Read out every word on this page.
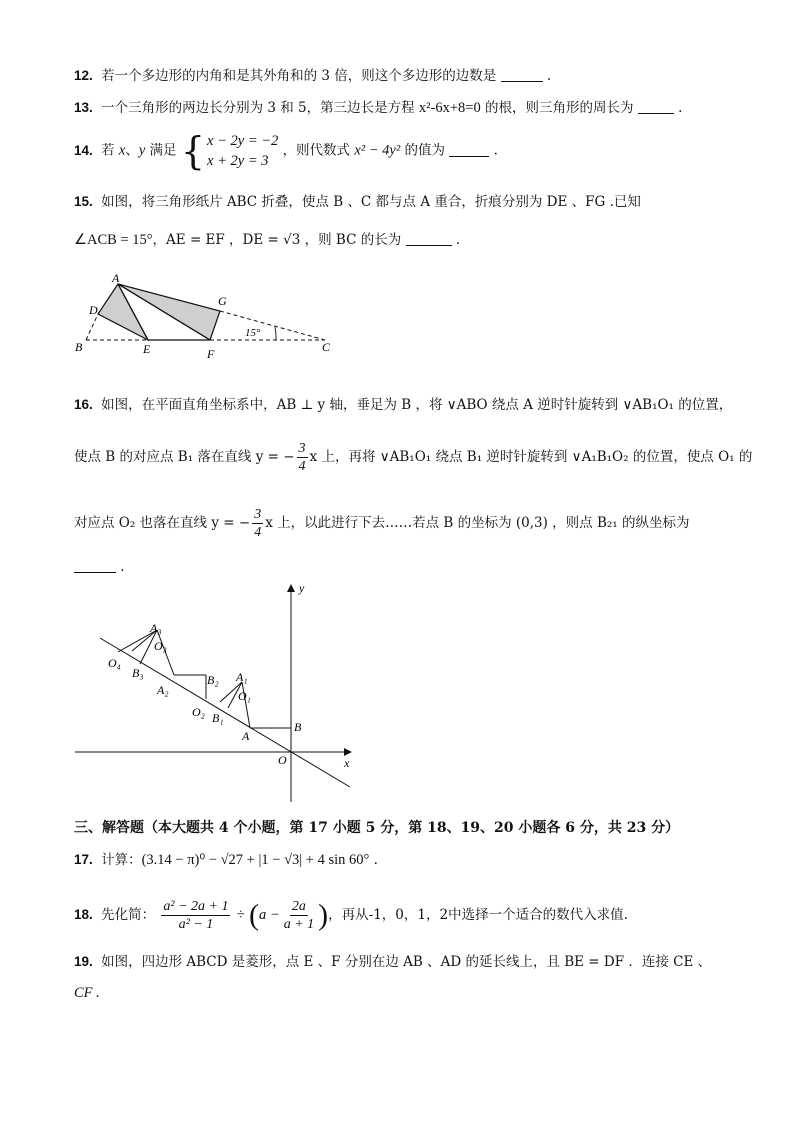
12. 若一个多边形的内角和是其外角和的 3 倍，则这个多边形的边数是	.
13. 一个三角形的两边长分别为 3 和 5，第三边长是方程 x²-6x+8=0 的根，则三角形的周长为	.
14. 若 x、y 满足 { x − 2y = −2
x + 2y = 3
，则代数式 x² − 4y² 的值为	.
15. 如图，将三角形纸片 ABC 折叠，使点 B 、C 都与点 A 重合，折痕分别为 DE 、FG .已知
∠ACB = 15°，AE = EF ，DE = √3 ，则 BC 的长为	.
A
B	C
D
E	F
G
15°
16. 如图，在平面直角坐标系中，AB ⊥ y 轴，垂足为 B ，将 ∨ABO 绕点 A 逆时针旋转到 ∨AB₁O₁ 的位置，
使点 B 的对应点 B₁ 落在直线 y = − $\frac{3}{4}$ x 上，再将 ∨AB₁O₁ 绕点 B₁ 逆时针旋转到 ∨A₁B₁O₂ 的位置，使点 O₁ 的
对应点 O₂ 也落在直线 y = − $\frac{3}{4}$ x 上，以此进行下去……若点 B 的坐标为 (0,3) ，则点 B₂₁ 的纵坐标为
.
y
x
O
B
A
A₁
O₁
B₁
B₂
O₂
A₂
A₃
O₃
B₃
O₄
三、解答题（本大题共 4 个小题，第 17 小题 5 分，第 18、19、20 小题各 6 分，共 23 分）
17. 计算：(3.14 − π)⁰ − √27 + |1 − √3| + 4 sin 60° .
18. 先化简： $\frac{\text{a² − 2a + 1}}{\text{a² − 1}} \div (a - \frac{2a}{a + 1}$ )，再从-1，0，1，2中选择一个适合的数代入求值.
19. 如图，四边形 ABCD 是菱形，点 E 、F 分别在边 AB 、AD 的延长线上，且 BE = DF ．连接 CE 、
CF .
